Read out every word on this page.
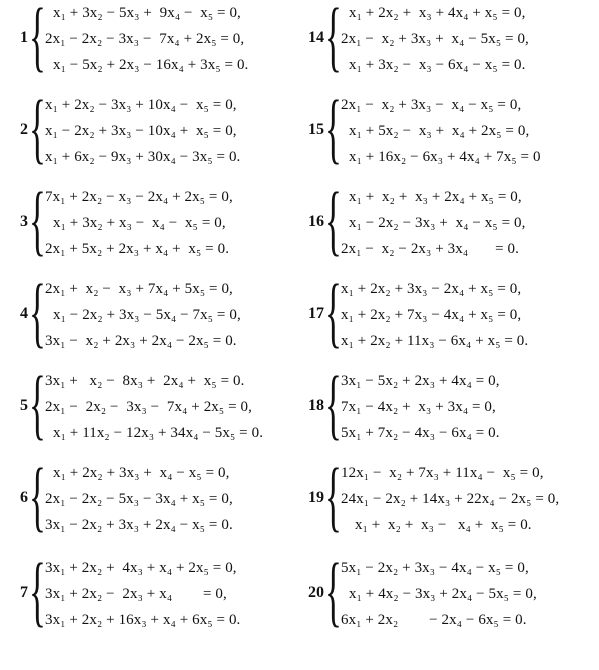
1 { x₁ + 3x₂ − 5x₃ +  9x₄ −  x₅ = 0,
2x₁ − 2x₂ − 3x₃ −  7x₄ + 2x₅ = 0,
x₁ − 5x₂ + 2x₃ − 16x₄ + 3x₅ = 0.
2 { x₁ + 2x₂ − 3x₃ + 10x₄ −  x₅ = 0,
x₁ − 2x₂ + 3x₃ − 10x₄ +  x₅ = 0,
x₁ + 6x₂ − 9x₃ + 30x₄ − 3x₅ = 0.
3 { 7x₁ + 2x₂ − x₃ − 2x₄ + 2x₅ = 0,
x₁ + 3x₂ + x₃ −  x₄ −  x₅ = 0,
2x₁ + 5x₂ + 2x₃ + x₄ +  x₅ = 0.
4 { 2x₁ +  x₂ −  x₃ + 7x₄ + 5x₅ = 0,
x₁ − 2x₂ + 3x₃ − 5x₄ − 7x₅ = 0,
3x₁ −  x₂ + 2x₃ + 2x₄ − 2x₅ = 0.
5 { 3x₁ +   x₂ −  8x₃ +  2x₄ +  x₅ = 0.
2x₁ −  2x₂ −  3x₃ −  7x₄ + 2x₅ = 0,
x₁ + 11x₂ − 12x₃ + 34x₄ − 5x₅ = 0.
6 { x₁ + 2x₂ + 3x₃ +  x₄ − x₅ = 0,
2x₁ − 2x₂ − 5x₃ − 3x₄ + x₅ = 0,
3x₁ − 2x₂ + 3x₃ + 2x₄ − x₅ = 0.
7 { 3x₁ + 2x₂ +  4x₃ + x₄ + 2x₅ = 0,
3x₁ + 2x₂ −  2x₃ + x₄        = 0,
3x₁ + 2x₂ + 16x₃ + x₄ + 6x₅ = 0.
14 { x₁ + 2x₂ +  x₃ + 4x₄ + x₅ = 0,
2x₁ −  x₂ + 3x₃ +  x₄ − 5x₅ = 0,
x₁ + 3x₂ −  x₃ − 6x₄ − x₅ = 0.
15 { 2x₁ −  x₂ + 3x₃ −  x₄ − x₅ = 0,
x₁ + 5x₂ −  x₃ +  x₄ + 2x₅ = 0,
x₁ + 16x₂ − 6x₃ + 4x₄ + 7x₅ = 0
16 { x₁ +  x₂ +  x₃ + 2x₄ + x₅ = 0,
x₁ − 2x₂ − 3x₃ +  x₄ − x₅ = 0,
2x₁ −  x₂ − 2x₃ + 3x₄       = 0.
17 { x₁ + 2x₂ + 3x₃ − 2x₄ + x₅ = 0,
x₁ + 2x₂ + 7x₃ − 4x₄ + x₅ = 0,
x₁ + 2x₂ + 11x₃ − 6x₄ + x₅ = 0.
18 { 3x₁ − 5x₂ + 2x₃ + 4x₄ = 0,
7x₁ − 4x₂ +  x₃ + 3x₄ = 0,
5x₁ + 7x₂ − 4x₃ − 6x₄ = 0.
19 { 12x₁ −  x₂ + 7x₃ + 11x₄ −  x₅ = 0,
24x₁ − 2x₂ + 14x₃ + 22x₄ − 2x₅ = 0,
x₁ +  x₂ +  x₃ −   x₄ +  x₅ = 0.
20 { 5x₁ − 2x₂ + 3x₃ − 4x₄ − x₅ = 0,
x₁ + 4x₂ − 3x₃ + 2x₄ − 5x₅ = 0,
6x₁ + 2x₂        − 2x₄ − 6x₅ = 0.
